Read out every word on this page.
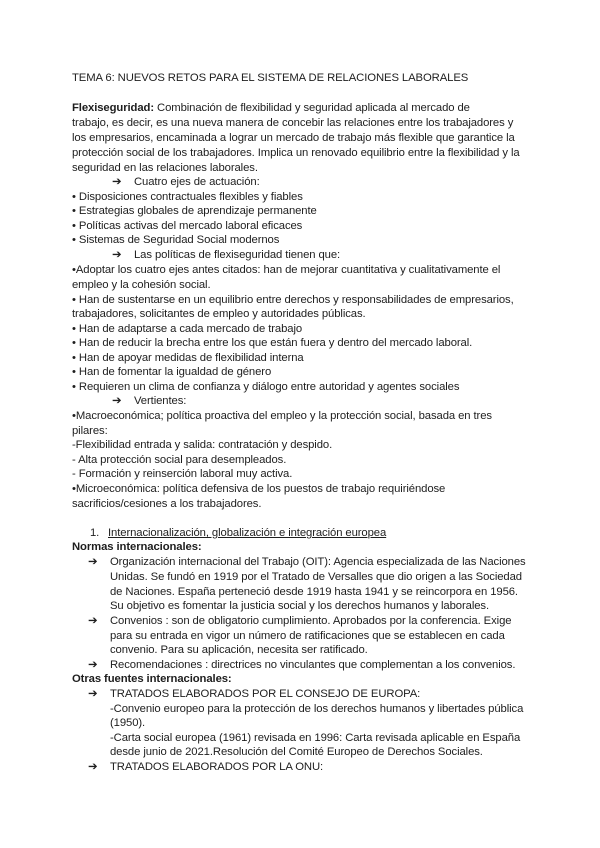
TEMA 6: NUEVOS RETOS PARA EL SISTEMA DE RELACIONES LABORALES
Flexiseguridad: Combinación de flexibilidad y seguridad aplicada al mercado de
trabajo, es decir, es una nueva manera de concebir las relaciones entre los trabajadores y
los empresarios, encaminada a lograr un mercado de trabajo más flexible que garantice la
protección social de los trabajadores. Implica un renovado equilibrio entre la flexibilidad y la
seguridad en las relaciones laborales.
➔ Cuatro ejes de actuación:
• Disposiciones contractuales flexibles y fiables
• Estrategias globales de aprendizaje permanente
• Políticas activas del mercado laboral eficaces
• Sistemas de Seguridad Social modernos
➔ Las políticas de flexiseguridad tienen que:
•Adoptar los cuatro ejes antes citados: han de mejorar cuantitativa y cualitativamente el
empleo y la cohesión social.
• Han de sustentarse en un equilibrio entre derechos y responsabilidades de empresarios,
trabajadores, solicitantes de empleo y autoridades públicas.
• Han de adaptarse a cada mercado de trabajo
• Han de reducir la brecha entre los que están fuera y dentro del mercado laboral.
• Han de apoyar medidas de flexibilidad interna
• Han de fomentar la igualdad de género
• Requieren un clima de confianza y diálogo entre autoridad y agentes sociales
➔ Vertientes:
•Macroeconómica; política proactiva del empleo y la protección social, basada en tres
pilares:
-Flexibilidad entrada y salida: contratación y despido.
- Alta protección social para desempleados.
- Formación y reinserción laboral muy activa.
•Microeconómica: política defensiva de los puestos de trabajo requiriéndose
sacrificios/cesiones a los trabajadores.
1. Internacionalización, globalización e integración europea
Normas internacionales:
➔ Organización internacional del Trabajo (OIT): Agencia especializada de las Naciones
Unidas. Se fundó en 1919 por el Tratado de Versalles que dio origen a las Sociedad
de Naciones. España perteneció desde 1919 hasta 1941 y se reincorpora en 1956.
Su objetivo es fomentar la justicia social y los derechos humanos y laborales.
➔ Convenios : son de obligatorio cumplimiento. Aprobados por la conferencia. Exige
para su entrada en vigor un número de ratificaciones que se establecen en cada
convenio. Para su aplicación, necesita ser ratificado.
➔ Recomendaciones : directrices no vinculantes que complementan a los convenios.
Otras fuentes internacionales:
➔ TRATADOS ELABORADOS POR EL CONSEJO DE EUROPA:
-Convenio europeo para la protección de los derechos humanos y libertades pública
(1950).
-Carta social europea (1961) revisada en 1996: Carta revisada aplicable en España
desde junio de 2021.Resolución del Comité Europeo de Derechos Sociales.
➔ TRATADOS ELABORADOS POR LA ONU:
